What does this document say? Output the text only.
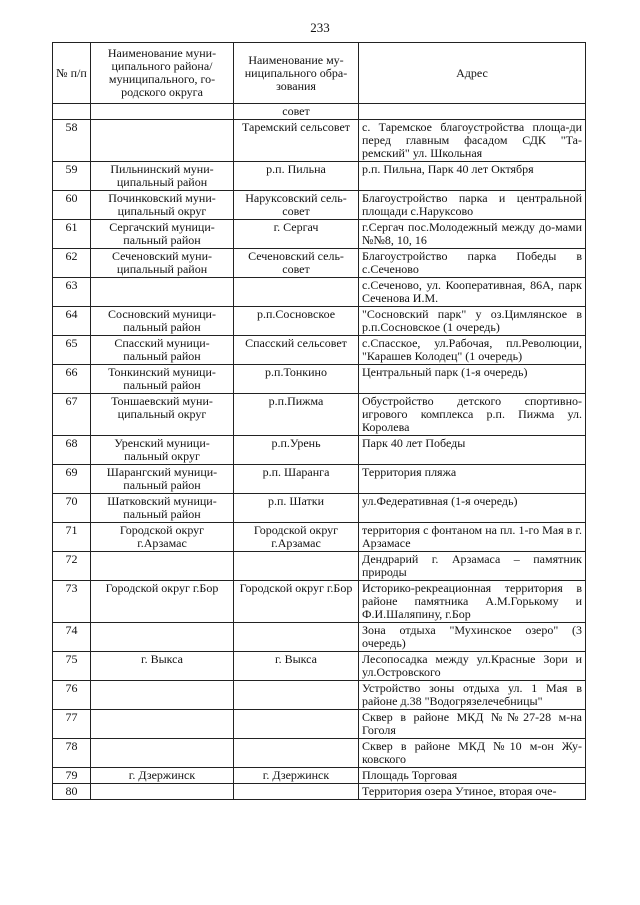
233
№ п/п	Наименование муни-ципального района/ муниципального, го-родского округа	Наименование му-ниципального обра-зования	Адрес
		совет	
58		Таремский сельсовет	с. Таремское благоустройства площа-ди перед главным фасадом СДК "Та-ремский" ул. Школьная
59	Пильнинский муни-ципальный район	р.п. Пильна	р.п. Пильна, Парк 40 лет Октября
60	Починковский муни-ципальный округ	Наруксовский сель-совет	Благоустройство парка и центральной площади с.Наруксово
61	Сергачский муници-пальный район	г. Сергач	г.Сергач пос.Молодежный между до-мами №№8, 10, 16
62	Сеченовский муни-ципальный район	Сеченовский сель-совет	Благоустройство парка Победы в с.Сеченово
63			с.Сеченово, ул. Кооперативная, 86А, парк Сеченова И.М.
64	Сосновский муници-пальный район	р.п.Сосновское	"Сосновский парк" у оз.Цимлянское в р.п.Сосновское (1 очередь)
65	Спасский муници-пальный район	Спасский сельсовет	с.Спасское, ул.Рабочая, пл.Революции, "Карашев Колодец" (1 очередь)
66	Тонкинский муници-пальный район	р.п.Тонкино	Центральный парк (1-я очередь)
67	Тоншаевский муни-ципальный округ	р.п.Пижма	Обустройство детского спортивно-игрового комплекса р.п. Пижма ул. Королева
68	Уренский муници-пальный округ	р.п.Урень	Парк 40 лет Победы
69	Шарангский муници-пальный район	р.п. Шаранга	Территория пляжа
70	Шатковский муници-пальный район	р.п. Шатки	ул.Федеративная (1-я очередь)
71	Городской округ г.Арзамас	Городской округ г.Арзамас	территория с фонтаном на пл. 1-го Мая в г. Арзамасе
72			Дендрарий г. Арзамаса – памятник природы
73	Городской округ г.Бор	Городской округ г.Бор	Историко-рекреационная территория в районе памятника А.М.Горькому и Ф.И.Шаляпину, г.Бор
74			Зона отдыха "Мухинское озеро" (3 очередь)
75	г. Выкса	г. Выкса	Лесопосадка между ул.Красные Зори и ул.Островского
76			Устройство зоны отдыха ул. 1 Мая в районе д.38 "Водогрязелечебницы"
77			Сквер в районе МКД №№27-28 м-на Гоголя
78			Сквер в районе МКД №10 м-он Жу-ковского
79	г. Дзержинск	г. Дзержинск	Площадь Торговая
80			Территория озера Утиное, вторая оче-
